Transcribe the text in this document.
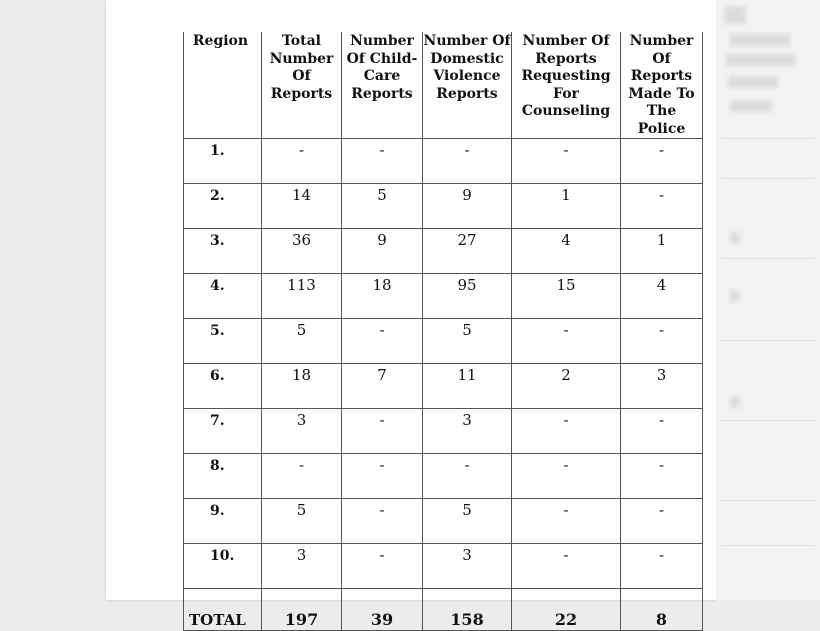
Region	Total Number Of Reports	Number Of Child-Care Reports	Number Of Domestic Violence Reports	Number Of Reports Requesting For Counseling	Number Of Reports Made To The Police
1.	-	-	-	-	-
2.	14	5	9	1	-
3.	36	9	27	4	1
4.	113	18	95	15	4
5.	5	-	5	-	-
6.	18	7	11	2	3
7.	3	-	3	-	-
8.	-	-	-	-	-
9.	5	-	5	-	-
10.	3	-	3	-	-
TOTAL	197	39	158	22	8
